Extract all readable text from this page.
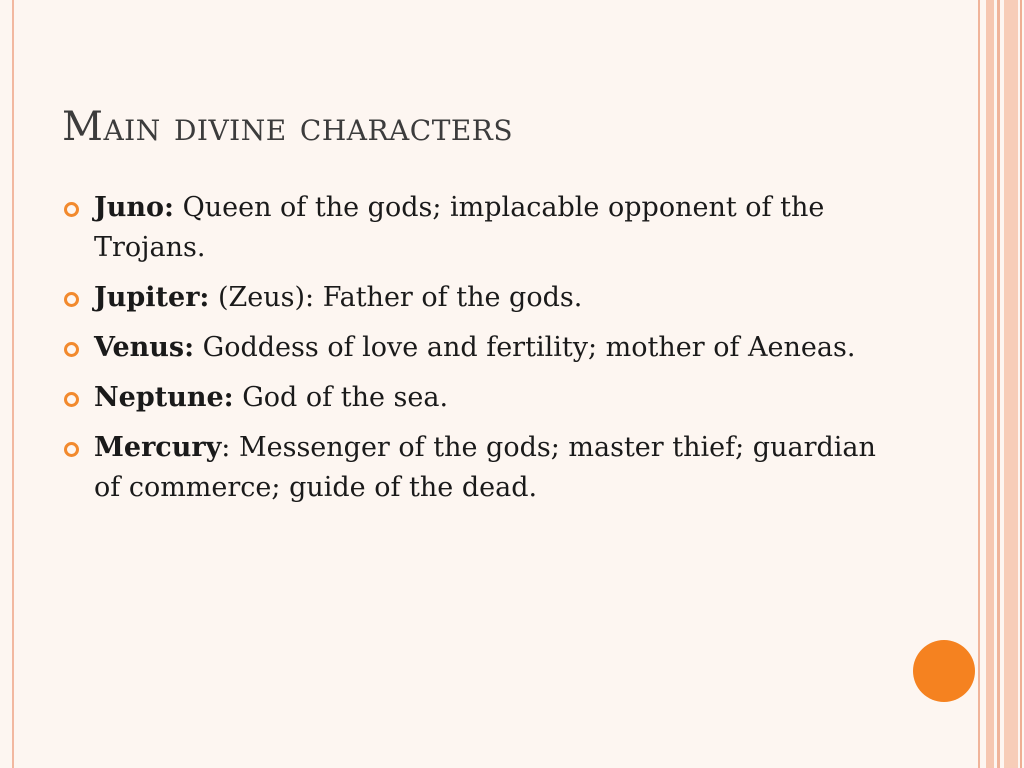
Main divine characters
Juno: Queen of the gods; implacable opponent of the Trojans.
Jupiter: (Zeus): Father of the gods.
Venus: Goddess of love and fertility; mother of Aeneas.
Neptune: God of the sea.
Mercury: Messenger of the gods; master thief; guardian of commerce; guide of the dead.
